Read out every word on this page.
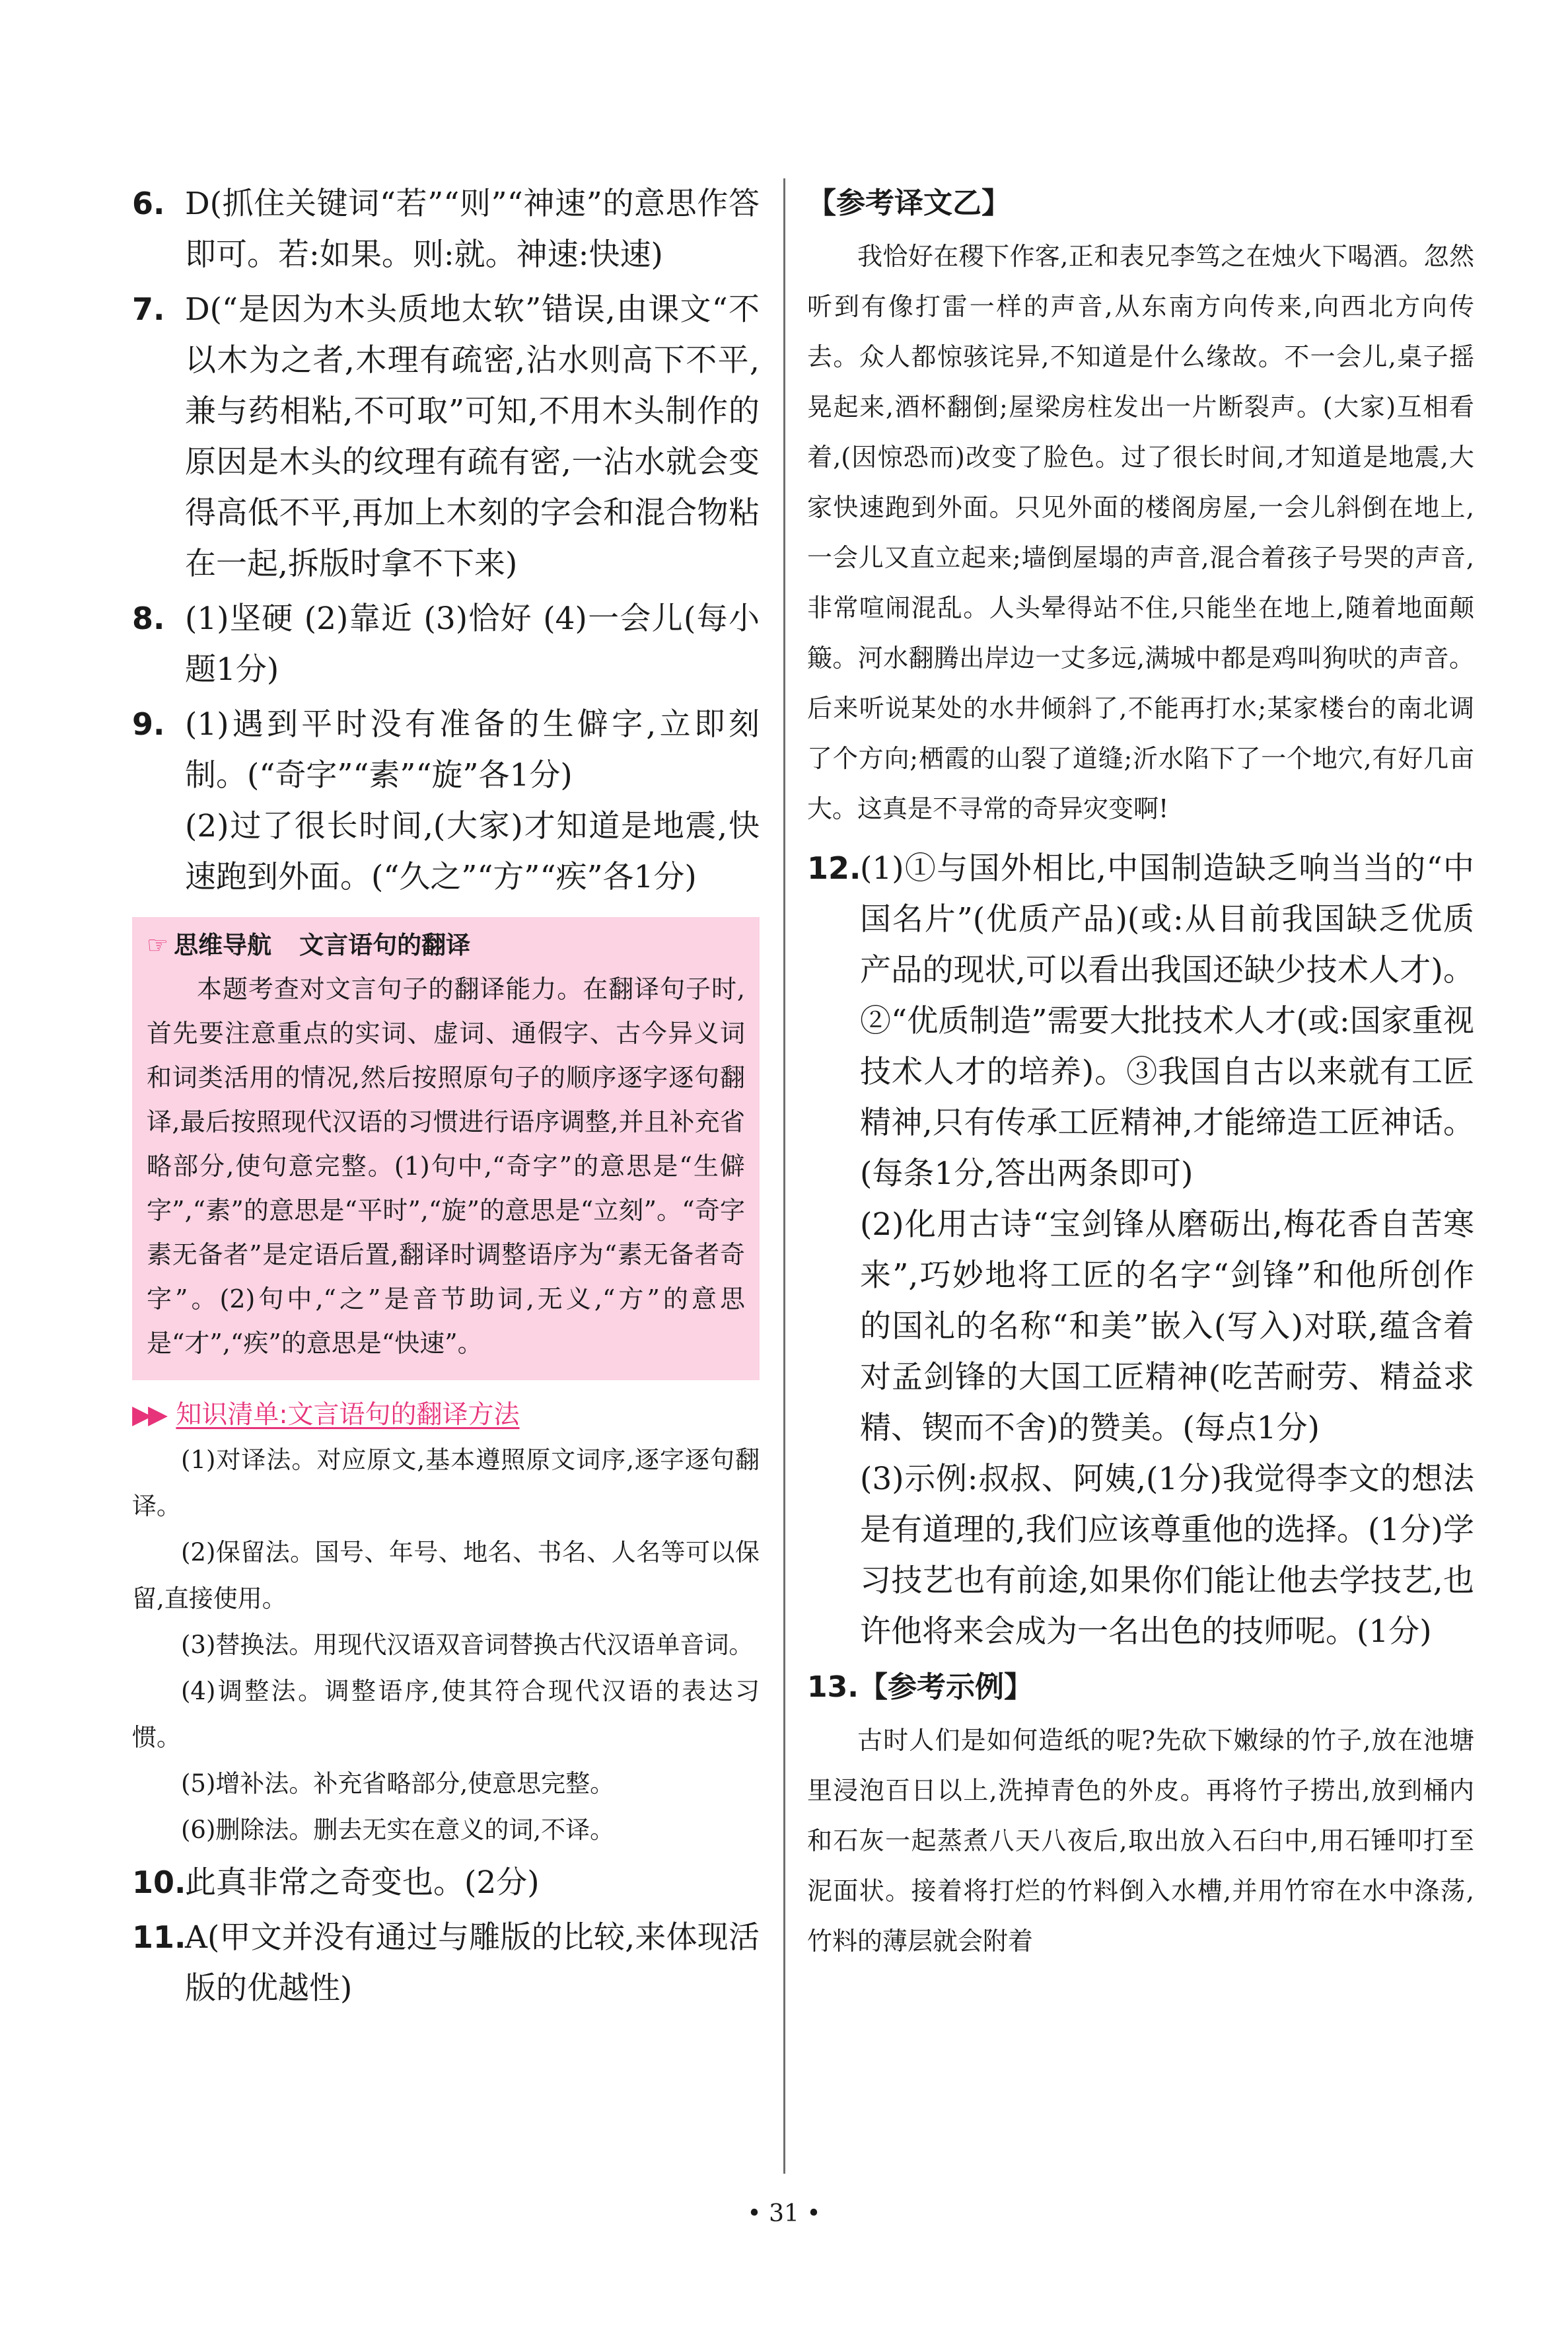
6. D(抓住关键词“若”“则”“神速”的意思作答即可。若:如果。则:就。神速:快速)

7. D(“是因为木头质地太软”错误,由课文“不以木为之者,木理有疏密,沾水则高下不平,兼与药相粘,不可取”可知,不用木头制作的原因是木头的纹理有疏有密,一沾水就会变得高低不平,再加上木刻的字会和混合物粘在一起,拆版时拿不下来)

8. (1)坚硬 (2)靠近 (3)恰好 (4)一会儿(每小题1分)

9. (1)遇到平时没有准备的生僻字,立即刻制。(“奇字”“素”“旋”各1分)

(2)过了很长时间,(大家)才知道是地震,快速跑到外面。(“久之”“方”“疾”各1分)

☞ 思维导航 文言语句的翻译
本题考查对文言句子的翻译能力。在翻译句子时,首先要注意重点的实词、虚词、通假字、古今异义词和词类活用的情况,然后按照原句子的顺序逐字逐句翻译,最后按照现代汉语的习惯进行语序调整,并且补充省略部分,使句意完整。(1)句中,“奇字”的意思是“生僻字”,“素”的意思是“平时”,“旋”的意思是“立刻”。“奇字素无备者”是定语后置,翻译时调整语序为“素无备者奇字”。(2)句中,“之”是音节助词,无义,“方”的意思是“才”,“疾”的意思是“快速”。
▶▶ 知识清单:文言语句的翻译方法

(1)对译法。对应原文,基本遵照原文词序,逐字逐句翻译。

(2)保留法。国号、年号、地名、书名、人名等可以保留,直接使用。

(3)替换法。用现代汉语双音词替换古代汉语单音词。

(4)调整法。调整语序,使其符合现代汉语的表达习惯。

(5)增补法。补充省略部分,使意思完整。

(6)删除法。删去无实在意义的词,不译。

10.

此真非常之奇变也。(2分)

11.

A(甲文并没有通过与雕版的比较,来体现活版的优越性)

【参考译文乙】

我恰好在稷下作客,正和表兄李笃之在烛火下喝酒。忽然听到有像打雷一样的声音,从东南方向传来,向西北方向传去。众人都惊骇诧异,不知道是什么缘故。不一会儿,桌子摇晃起来,酒杯翻倒;屋梁房柱发出一片断裂声。(大家)互相看着,(因惊恐而)改变了脸色。过了很长时间,才知道是地震,大家快速跑到外面。只见外面的楼阁房屋,一会儿斜倒在地上,一会儿又直立起来;墙倒屋塌的声音,混合着孩子号哭的声音,非常喧闹混乱。人头晕得站不住,只能坐在地上,随着地面颠簸。河水翻腾出岸边一丈多远,满城中都是鸡叫狗吠的声音。后来听说某处的水井倾斜了,不能再打水;某家楼台的南北调了个方向;栖霞的山裂了道缝;沂水陷下了一个地穴,有好几亩大。这真是不寻常的奇异灾变啊!

12.

(1)①与国外相比,中国制造缺乏响当当的“中国名片”(优质产品)(或:从目前我国缺乏优质产品的现状,可以看出我国还缺少技术人才)。②“优质制造”需要大批技术人才(或:国家重视技术人才的培养)。③我国自古以来就有工匠精神,只有传承工匠精神,才能缔造工匠神话。(每条1分,答出两条即可)

(2)化用古诗“宝剑锋从磨砺出,梅花香自苦寒来”,巧妙地将工匠的名字“剑锋”和他所创作的国礼的名称“和美”嵌入(写入)对联,蕴含着对孟剑锋的大国工匠精神(吃苦耐劳、精益求精、锲而不舍)的赞美。(每点1分)

(3)示例:叔叔、阿姨,(1分)我觉得李文的想法是有道理的,我们应该尊重他的选择。(1分)学习技艺也有前途,如果你们能让他去学技艺,也许他将来会成为一名出色的技师呢。(1分)

13.【参考示例】

古时人们是如何造纸的呢?先砍下嫩绿的竹子,放在池塘里浸泡百日以上,洗掉青色的外皮。再将竹子捞出,放到桶内和石灰一起蒸煮八天八夜后,取出放入石臼中,用石锤叩打至泥面状。接着将打烂的竹料倒入水槽,并用竹帘在水中涤荡,竹料的薄层就会附着

• 31 •
